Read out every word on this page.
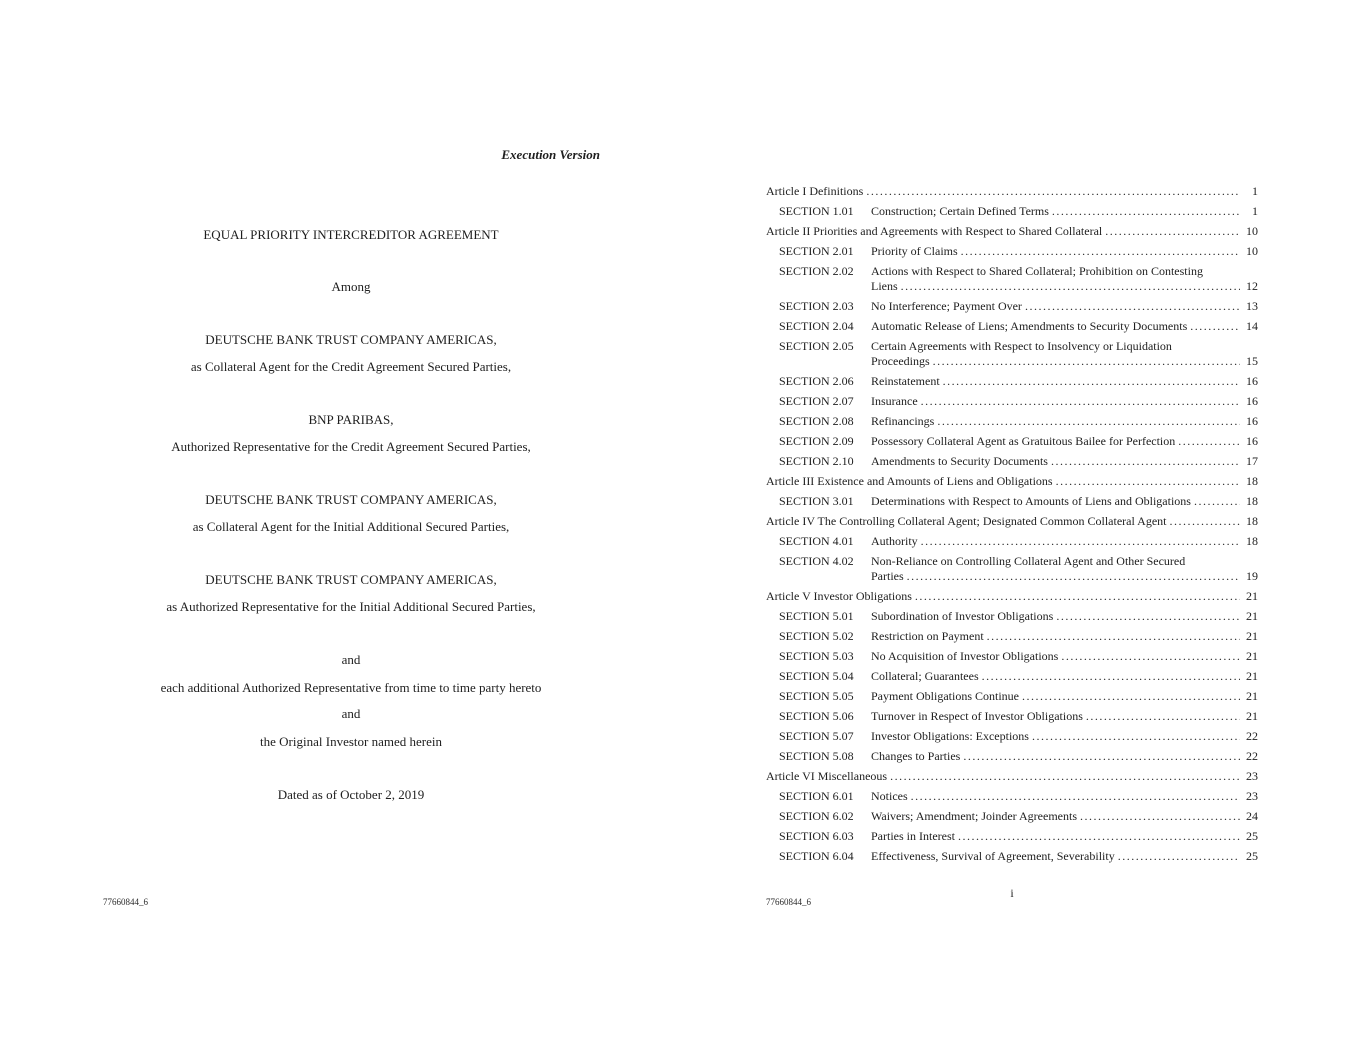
Execution Version
EQUAL PRIORITY INTERCREDITOR AGREEMENT
Among
DEUTSCHE BANK TRUST COMPANY AMERICAS,
as Collateral Agent for the Credit Agreement Secured Parties,
BNP PARIBAS,
Authorized Representative for the Credit Agreement Secured Parties,
DEUTSCHE BANK TRUST COMPANY AMERICAS,
as Collateral Agent for the Initial Additional Secured Parties,
DEUTSCHE BANK TRUST COMPANY AMERICAS,
as Authorized Representative for the Initial Additional Secured Parties,
and
each additional Authorized Representative from time to time party hereto
and
the Original Investor named herein
Dated as of October 2, 2019
77660844_6
Article I Definitions .....	1
SECTION 1.01	Construction; Certain Defined Terms .....	1
Article II Priorities and Agreements with Respect to Shared Collateral .....	10
SECTION 2.01	Priority of Claims .....	10
SECTION 2.02	Actions with Respect to Shared Collateral; Prohibition on Contesting
Liens .....	12
SECTION 2.03	No Interference; Payment Over .....	13
SECTION 2.04	Automatic Release of Liens; Amendments to Security Documents .....	14
SECTION 2.05	Certain Agreements with Respect to Insolvency or Liquidation
Proceedings .....	15
SECTION 2.06	Reinstatement .....	16
SECTION 2.07	Insurance .....	16
SECTION 2.08	Refinancings .....	16
SECTION 2.09	Possessory Collateral Agent as Gratuitous Bailee for Perfection .....	16
SECTION 2.10	Amendments to Security Documents .....	17
Article III Existence and Amounts of Liens and Obligations .....	18
SECTION 3.01	Determinations with Respect to Amounts of Liens and Obligations .....	18
Article IV The Controlling Collateral Agent; Designated Common Collateral Agent .....	18
SECTION 4.01	Authority .....	18
SECTION 4.02	Non-Reliance on Controlling Collateral Agent and Other Secured
Parties .....	19
Article V Investor Obligations .....	21
SECTION 5.01	Subordination of Investor Obligations .....	21
SECTION 5.02	Restriction on Payment .....	21
SECTION 5.03	No Acquisition of Investor Obligations .....	21
SECTION 5.04	Collateral; Guarantees .....	21
SECTION 5.05	Payment Obligations Continue .....	21
SECTION 5.06	Turnover in Respect of Investor Obligations .....	21
SECTION 5.07	Investor Obligations: Exceptions .....	22
SECTION 5.08	Changes to Parties .....	22
Article VI Miscellaneous .....	23
SECTION 6.01	Notices .....	23
SECTION 6.02	Waivers; Amendment; Joinder Agreements .....	24
SECTION 6.03	Parties in Interest .....	25
SECTION 6.04	Effectiveness, Survival of Agreement, Severability .....	25
i
77660844_6
